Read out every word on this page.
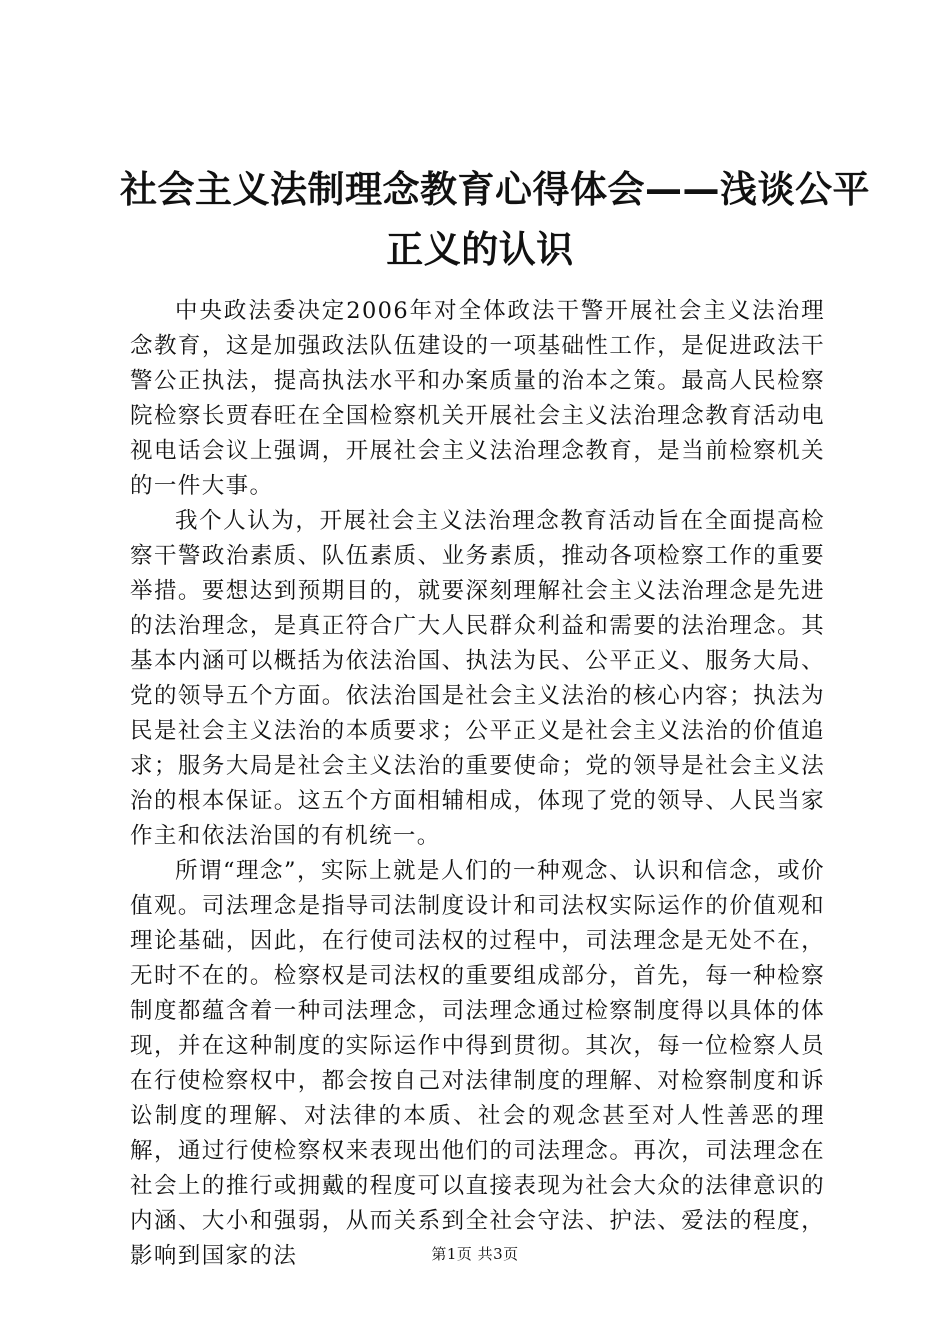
社会主义法制理念教育心得体会——浅谈公平
正义的认识

中央政法委决定2006年对全体政法干警开展社会主义法治理念教育，这是加强政法队伍建设的一项基础性工作，是促进政法干警公正执法，提高执法水平和办案质量的治本之策。最高人民检察院检察长贾春旺在全国检察机关开展社会主义法治理念教育活动电视电话会议上强调，开展社会主义法治理念教育，是当前检察机关的一件大事。

我个人认为，开展社会主义法治理念教育活动旨在全面提高检察干警政治素质、队伍素质、业务素质，推动各项检察工作的重要举措。要想达到预期目的，就要深刻理解社会主义法治理念是先进的法治理念，是真正符合广大人民群众利益和需要的法治理念。其基本内涵可以概括为依法治国、执法为民、公平正义、服务大局、党的领导五个方面。依法治国是社会主义法治的核心内容；执法为民是社会主义法治的本质要求；公平正义是社会主义法治的价值追求；服务大局是社会主义法治的重要使命；党的领导是社会主义法治的根本保证。这五个方面相辅相成，体现了党的领导、人民当家作主和依法治国的有机统一。

所谓“理念”，实际上就是人们的一种观念、认识和信念，或价值观。司法理念是指导司法制度设计和司法权实际运作的价值观和理论基础，因此，在行使司法权的过程中，司法理念是无处不在，无时不在的。检察权是司法权的重要组成部分，首先，每一种检察制度都蕴含着一种司法理念，司法理念通过检察制度得以具体的体现，并在这种制度的实际运作中得到贯彻。其次，每一位检察人员在行使检察权中，都会按自己对法律制度的理解、对检察制度和诉讼制度的理解、对法律的本质、社会的观念甚至对人性善恶的理解，通过行使检察权来表现出他们的司法理念。再次，司法理念在社会上的推行或拥戴的程度可以直接表现为社会大众的法律意识的内涵、大小和强弱，从而关系到全社会守法、护法、爱法的程度，影响到国家的法	第1页 共3页
